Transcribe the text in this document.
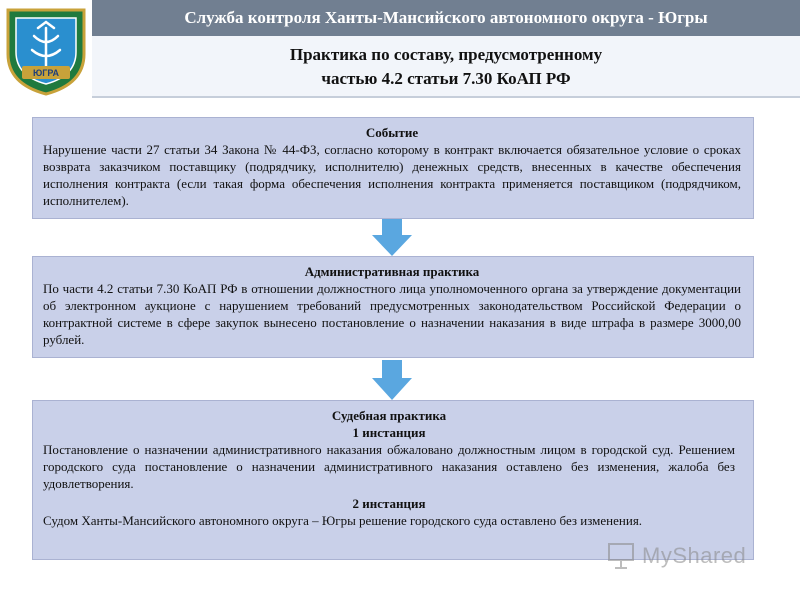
ЮГРА
Служба контроля Ханты-Мансийского автономного округа - Югры
Практика по составу, предусмотренному
частью 4.2 статьи 7.30 КоАП РФ
Событие
Нарушение части 27 статьи 34 Закона № 44-ФЗ, согласно которому в контракт включается обязательное условие о сроках возврата заказчиком поставщику (подрядчику, исполнителю) денежных средств, внесенных в качестве обеспечения исполнения контракта (если такая форма обеспечения исполнения контракта применяется поставщиком (подрядчиком, исполнителем).
Административная практика
По части 4.2 статьи 7.30 КоАП РФ в отношении должностного лица уполномоченного органа за утверждение документации об электронном аукционе с нарушением требований предусмотренных законодательством Российской Федерации о контрактной системе в сфере закупок вынесено постановление о назначении наказания в виде штрафа в размере 3000,00 рублей.
Судебная практика
1 инстанция
Постановление о назначении административного наказания обжаловано должностным лицом в городской суд. Решением городского суда постановление о назначении административного наказания оставлено без изменения, жалоба без удовлетворения.
2 инстанция
Судом Ханты-Мансийского автономного округа – Югры решение городского суда оставлено без изменения.
MyShared
